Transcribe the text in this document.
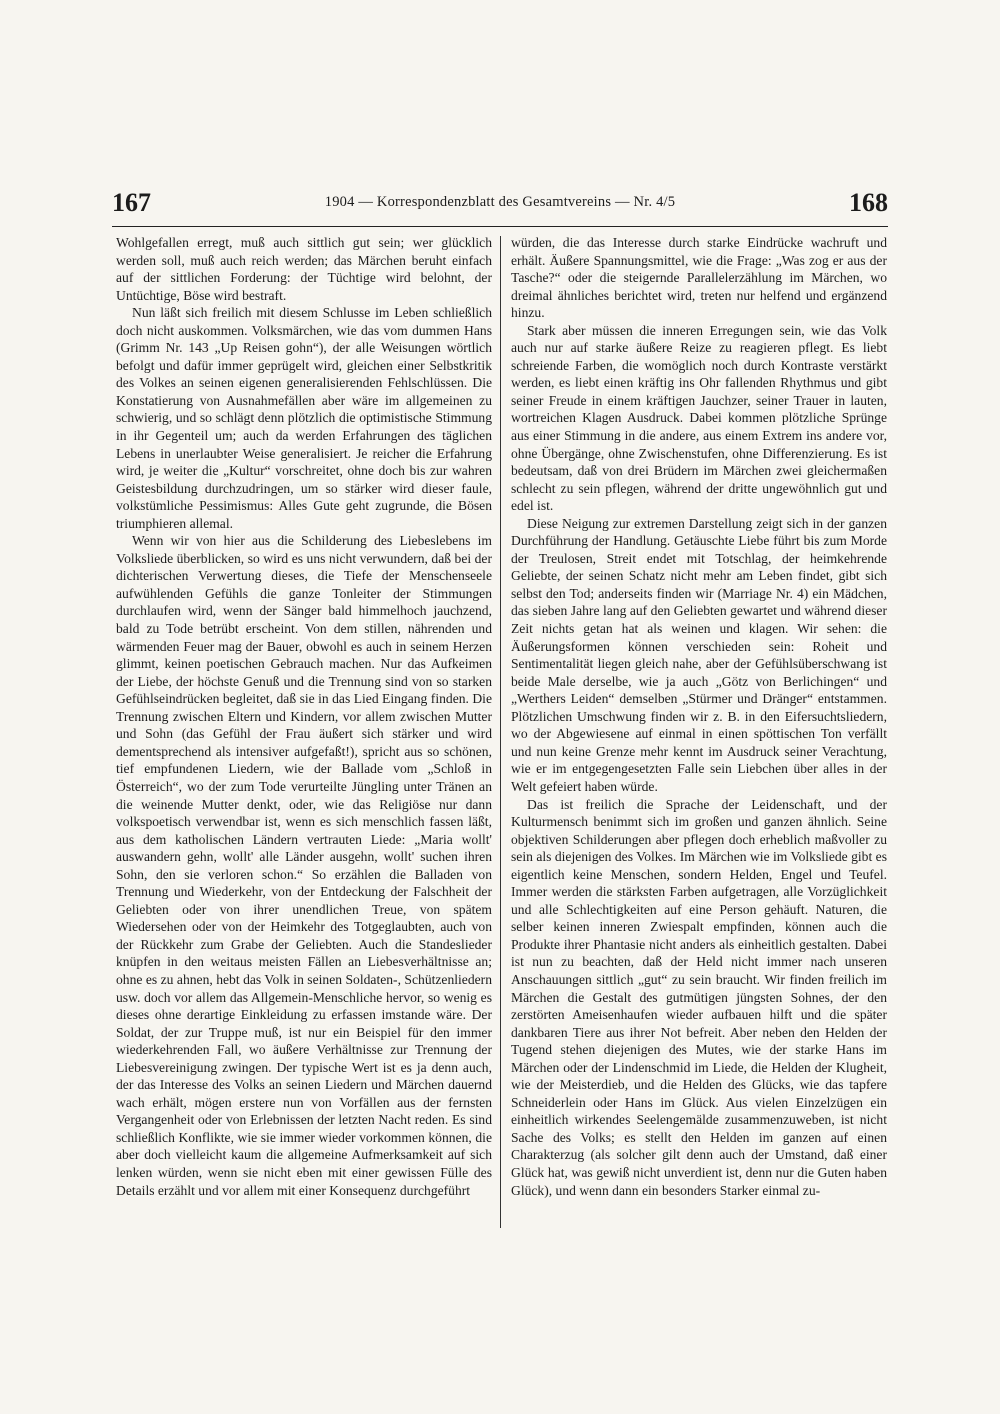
167	1904 — Korrespondenzblatt des Gesamtvereins — Nr. 4/5	168

Wohlgefallen erregt, muß auch sittlich gut sein; wer glücklich werden soll, muß auch reich werden; das Märchen beruht einfach auf der sittlichen Forderung: der Tüchtige wird belohnt, der Untüchtige, Böse wird bestraft.

Nun läßt sich freilich mit diesem Schlusse im Leben schließlich doch nicht auskommen. Volksmärchen, wie das vom dummen Hans (Grimm Nr. 143 „Up Reisen gohn“), der alle Weisungen wörtlich befolgt und dafür immer geprügelt wird, gleichen einer Selbstkritik des Volkes an seinen eigenen generalisierenden Fehlschlüssen. Die Konstatierung von Ausnahmefällen aber wäre im allgemeinen zu schwierig, und so schlägt denn plötzlich die optimistische Stimmung in ihr Gegenteil um; auch da werden Erfahrungen des täglichen Lebens in unerlaubter Weise generalisiert. Je reicher die Erfahrung wird, je weiter die „Kultur“ vorschreitet, ohne doch bis zur wahren Geistesbildung durchzudringen, um so stärker wird dieser faule, volkstümliche Pessimismus: Alles Gute geht zugrunde, die Bösen triumphieren allemal.

Wenn wir von hier aus die Schilderung des Liebeslebens im Volksliede überblicken, so wird es uns nicht verwundern, daß bei der dichterischen Verwertung dieses, die Tiefe der Menschenseele aufwühlenden Gefühls die ganze Tonleiter der Stimmungen durchlaufen wird, wenn der Sänger bald himmelhoch jauchzend, bald zu Tode betrübt erscheint. Von dem stillen, nährenden und wärmenden Feuer mag der Bauer, obwohl es auch in seinem Herzen glimmt, keinen poetischen Gebrauch machen. Nur das Aufkeimen der Liebe, der höchste Genuß und die Trennung sind von so starken Gefühlseindrücken begleitet, daß sie in das Lied Eingang finden. Die Trennung zwischen Eltern und Kindern, vor allem zwischen Mutter und Sohn (das Gefühl der Frau äußert sich stärker und wird dementsprechend als intensiver aufgefaßt!), spricht aus so schönen, tief empfundenen Liedern, wie der Ballade vom „Schloß in Österreich“, wo der zum Tode verurteilte Jüngling unter Tränen an die weinende Mutter denkt, oder, wie das Religiöse nur dann volkspoetisch verwendbar ist, wenn es sich menschlich fassen läßt, aus dem katholischen Ländern vertrauten Liede: „Maria wollt' auswandern gehn, wollt' alle Länder ausgehn, wollt' suchen ihren Sohn, den sie verloren schon.“ So erzählen die Balladen von Trennung und Wiederkehr, von der Entdeckung der Falschheit der Geliebten oder von ihrer unendlichen Treue, von spätem Wiedersehen oder von der Heimkehr des Totgeglaubten, auch von der Rückkehr zum Grabe der Geliebten. Auch die Standeslieder knüpfen in den weitaus meisten Fällen an Liebesverhältnisse an; ohne es zu ahnen, hebt das Volk in seinen Soldaten-, Schützenliedern usw. doch vor allem das Allgemein-Menschliche hervor, so wenig es dieses ohne derartige Einkleidung zu erfassen imstande wäre. Der Soldat, der zur Truppe muß, ist nur ein Beispiel für den immer wiederkehrenden Fall, wo äußere Verhältnisse zur Trennung der Liebesvereinigung zwingen. Der typische Wert ist es ja denn auch, der das Interesse des Volks an seinen Liedern und Märchen dauernd wach erhält, mögen erstere nun von Vorfällen aus der fernsten Vergangenheit oder von Erlebnissen der letzten Nacht reden. Es sind schließlich Konflikte, wie sie immer wieder vorkommen können, die aber doch vielleicht kaum die allgemeine Aufmerksamkeit auf sich lenken würden, wenn sie nicht eben mit einer gewissen Fülle des Details erzählt und vor allem mit einer Konsequenz durchgeführt

würden, die das Interesse durch starke Eindrücke wachruft und erhält. Äußere Spannungsmittel, wie die Frage: „Was zog er aus der Tasche?“ oder die steigernde Parallelerzählung im Märchen, wo dreimal ähnliches berichtet wird, treten nur helfend und ergänzend hinzu.

Stark aber müssen die inneren Erregungen sein, wie das Volk auch nur auf starke äußere Reize zu reagieren pflegt. Es liebt schreiende Farben, die womöglich noch durch Kontraste verstärkt werden, es liebt einen kräftig ins Ohr fallenden Rhythmus und gibt seiner Freude in einem kräftigen Jauchzer, seiner Trauer in lauten, wortreichen Klagen Ausdruck. Dabei kommen plötzliche Sprünge aus einer Stimmung in die andere, aus einem Extrem ins andere vor, ohne Übergänge, ohne Zwischenstufen, ohne Differenzierung. Es ist bedeutsam, daß von drei Brüdern im Märchen zwei gleichermaßen schlecht zu sein pflegen, während der dritte ungewöhnlich gut und edel ist.

Diese Neigung zur extremen Darstellung zeigt sich in der ganzen Durchführung der Handlung. Getäuschte Liebe führt bis zum Morde der Treulosen, Streit endet mit Totschlag, der heimkehrende Geliebte, der seinen Schatz nicht mehr am Leben findet, gibt sich selbst den Tod; anderseits finden wir (Marriage Nr. 4) ein Mädchen, das sieben Jahre lang auf den Geliebten gewartet und während dieser Zeit nichts getan hat als weinen und klagen. Wir sehen: die Äußerungsformen können verschieden sein: Roheit und Sentimentalität liegen gleich nahe, aber der Gefühlsüberschwang ist beide Male derselbe, wie ja auch „Götz von Berlichingen“ und „Werthers Leiden“ demselben „Stürmer und Dränger“ entstammen. Plötzlichen Umschwung finden wir z. B. in den Eifersuchtsliedern, wo der Abgewiesene auf einmal in einen spöttischen Ton verfällt und nun keine Grenze mehr kennt im Ausdruck seiner Verachtung, wie er im entgegengesetzten Falle sein Liebchen über alles in der Welt gefeiert haben würde.

Das ist freilich die Sprache der Leidenschaft, und der Kulturmensch benimmt sich im großen und ganzen ähnlich. Seine objektiven Schilderungen aber pflegen doch erheblich maßvoller zu sein als diejenigen des Volkes. Im Märchen wie im Volksliede gibt es eigentlich keine Menschen, sondern Helden, Engel und Teufel. Immer werden die stärksten Farben aufgetragen, alle Vorzüglichkeit und alle Schlechtigkeiten auf eine Person gehäuft. Naturen, die selber keinen inneren Zwiespalt empfinden, können auch die Produkte ihrer Phantasie nicht anders als einheitlich gestalten. Dabei ist nun zu beachten, daß der Held nicht immer nach unseren Anschauungen sittlich „gut“ zu sein braucht. Wir finden freilich im Märchen die Gestalt des gutmütigen jüngsten Sohnes, der den zerstörten Ameisenhaufen wieder aufbauen hilft und die später dankbaren Tiere aus ihrer Not befreit. Aber neben den Helden der Tugend stehen diejenigen des Mutes, wie der starke Hans im Märchen oder der Lindenschmid im Liede, die Helden der Klugheit, wie der Meisterdieb, und die Helden des Glücks, wie das tapfere Schneiderlein oder Hans im Glück. Aus vielen Einzelzügen ein einheitlich wirkendes Seelengemälde zusammenzuweben, ist nicht Sache des Volks; es stellt den Helden im ganzen auf einen Charakterzug (als solcher gilt denn auch der Umstand, daß einer Glück hat, was gewiß nicht unverdient ist, denn nur die Guten haben Glück), und wenn dann ein besonders Starker einmal zu-
